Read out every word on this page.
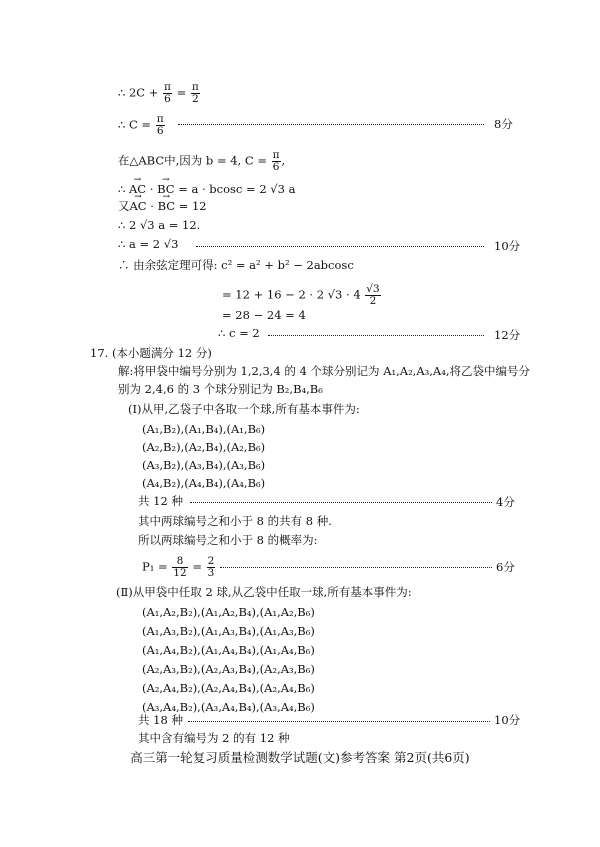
∴ $2C + \frac{\pi}{6} = \frac{\pi}{2}$
∴ $C = \frac{\pi}{6}$	8分
在△ABC中,因为 b = 4, $C = \frac{\pi}{6}$ ,
∴ → AC · → BC = a · bcosc = 2 √3 a
又→ AC · → BC = 12
∴ 2 √3 a = 12.
∴ a = 2 √3	10分
∴ 由余弦定理可得: c² = a² + b² − 2abcosc
= 12 + 16 − 2 · 2 $√3 \cdot 4 \frac{√3}{2}$
= 28 − 24 = 4
∴ c = 2	12分
17. (本小题满分 12 分)
解:将甲袋中编号分别为 1,2,3,4 的 4 个球分别记为 A₁,A₂,A₃,A₄,将乙袋中编号分
别为 2,4,6 的 3 个球分别记为 B₂,B₄,B₆
(Ⅰ)从甲,乙袋子中各取一个球,所有基本事件为:
(A₁,B₂),(A₁,B₄),(A₁,B₆)
(A₂,B₂),(A₂,B₄),(A₂,B₆)
(A₃,B₂),(A₃,B₄),(A₃,B₆)
(A₄,B₂),(A₄,B₄),(A₄,B₆)
共 12 种	4分
其中两球编号之和小于 8 的共有 8 种.
所以两球编号之和小于 8 的概率为:
$P_1 = \frac{8}{12} = \frac{2}{3}$	6分
(Ⅱ)从甲袋中任取 2 球,从乙袋中任取一球,所有基本事件为:
(A₁,A₂,B₂),(A₁,A₂,B₄),(A₁,A₂,B₆)
(A₁,A₃,B₂),(A₁,A₃,B₄),(A₁,A₃,B₆)
(A₁,A₄,B₂),(A₁,A₄,B₄),(A₁,A₄,B₆)
(A₂,A₃,B₂),(A₂,A₃,B₄),(A₂,A₃,B₆)
(A₂,A₄,B₂),(A₂,A₄,B₄),(A₂,A₄,B₆)
(A₃,A₄,B₂),(A₃,A₄,B₄),(A₃,A₄,B₆)
共 18 种	10分
其中含有编号为 2 的有 12 种
高三第一轮复习质量检测数学试题(文)参考答案 第2页(共6页)
